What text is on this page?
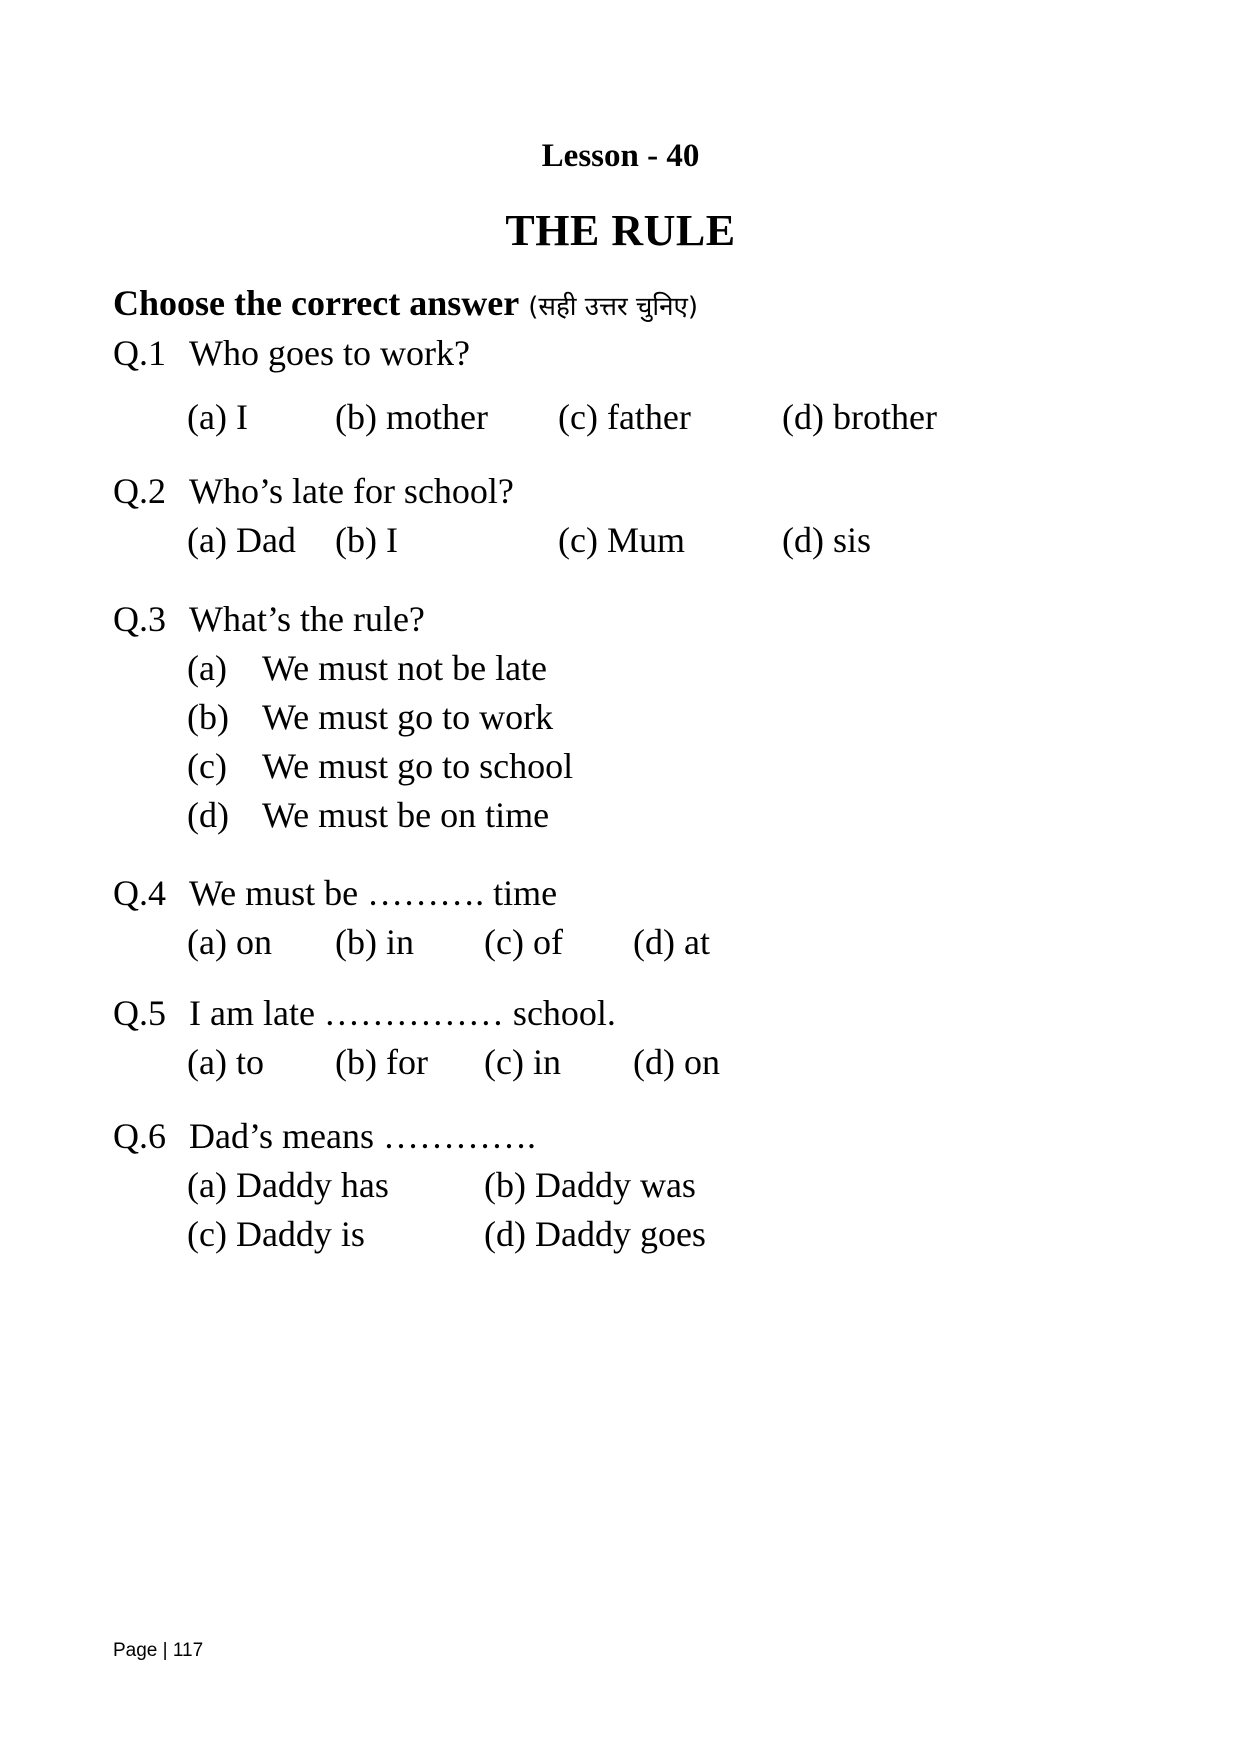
Lesson - 40
THE RULE
Choose the correct answer (सही उत्तर चुनिए)
Q.1 Who goes to work?
(a) I (b) mother (c) father	(d) brother
Q.2 Who’s late for school?
(a) Dad (b) I	(c) Mum	(d) sis
Q.3 What’s the rule?
(a) We must not be late
(b) We must go to work
(c) We must go to school
(d) We must be on time
Q.4 We must be ………. time
(a) on (b) in (c) of (d) at
Q.5 I am late …………… school.
(a) to (b) for (c) in (d) on
Q.6 Dad’s means ………….
(a) Daddy has	(b) Daddy was
(c) Daddy is	(d) Daddy goes
Page | 117
